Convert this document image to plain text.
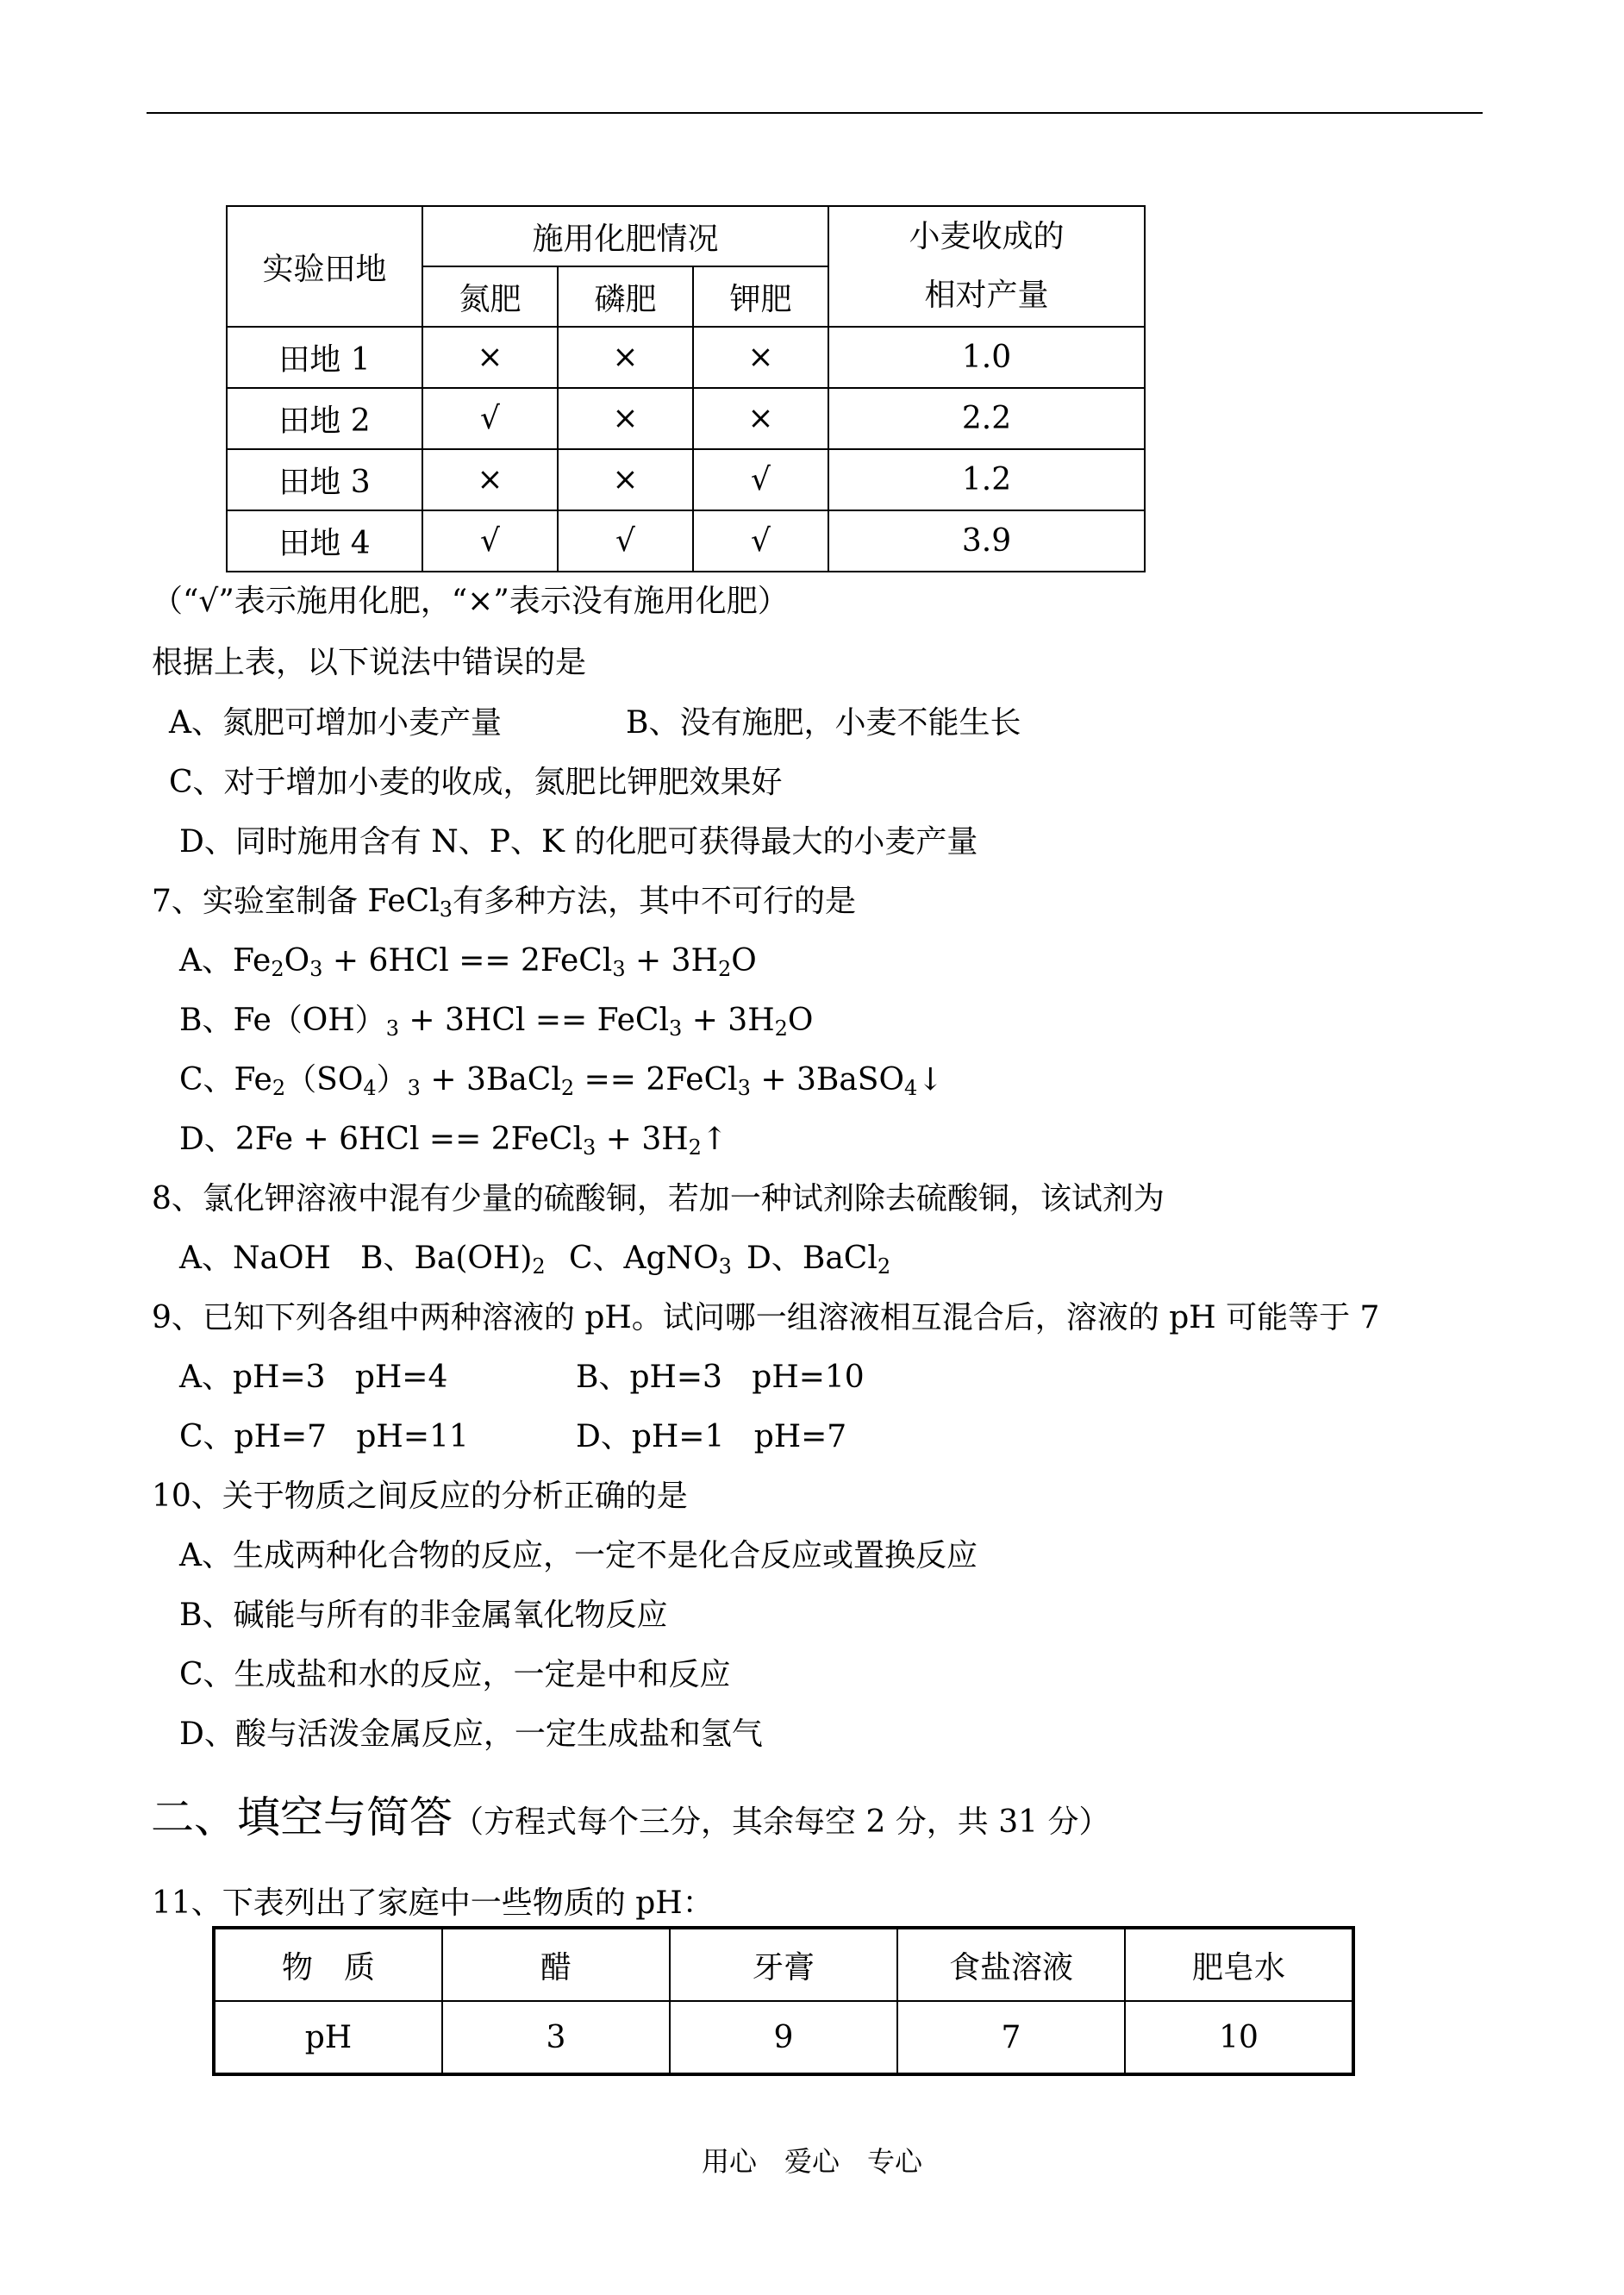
实验田地	施用化肥情况			小麦收成的
相对产量

	氮肥	磷肥	钾肥	
田地 1	×	×	×	1.0
田地 2	√	×	×	2.2
田地 3	×	×	√	1.2
田地 4	√	√	√	3.9
（“√”表示施用化肥，“×”表示没有施用化肥）
根据上表，以下说法中错误的是
A、氮肥可增加小麦产量	B、没有施肥，小麦不能生长
C、对于增加小麦的收成，氮肥比钾肥效果好
D、同时施用含有 N、P、K 的化肥可获得最大的小麦产量
7、实验室制备 FeCl$_3$有多种方法，其中不可行的是
A、$Fe_2O_3 + 6HCl$ == 2FeCl$_3$ + $3H_2O$
B、$Fe(OH)_3 + 3HCl$ == FeCl$_3$ + $3H_2O$
C、$Fe_2(SO_4)_3$ + 3BaCl$_2$ == 2FeCl$_3$ + 3BaSO$_4$↓
D、2Fe + 6HCl == 2FeCl$_3$ + $3H_2↑$
8、氯化钾溶液中混有少量的硫酸铜，若加一种试剂除去硫酸铜，该试剂为
A、NaOH B、$Ba(OH)_2$ C、AgNO$_3$ D、BaCl$_2$
9、已知下列各组中两种溶液的 pH。试问哪一组溶液相互混合后，溶液的 pH 可能等于 7
A、pH=3   pH=4	B、pH=3   pH=10
C、pH=7   pH=11	D、pH=1   pH=7
10、关于物质之间反应的分析正确的是
A、生成两种化合物的反应，一定不是化合反应或置换反应
B、碱能与所有的非金属氧化物反应
C、生成盐和水的反应，一定是中和反应
D、酸与活泼金属反应，一定生成盐和氢气
二、填空与简答（方程式每个三分，其余每空 2 分，共 31 分）
11、下表列出了家庭中一些物质的 pH：
物　质	醋	牙膏	食盐溶液	肥皂水
pH	3	9	7	10
用心　爱心　专心
